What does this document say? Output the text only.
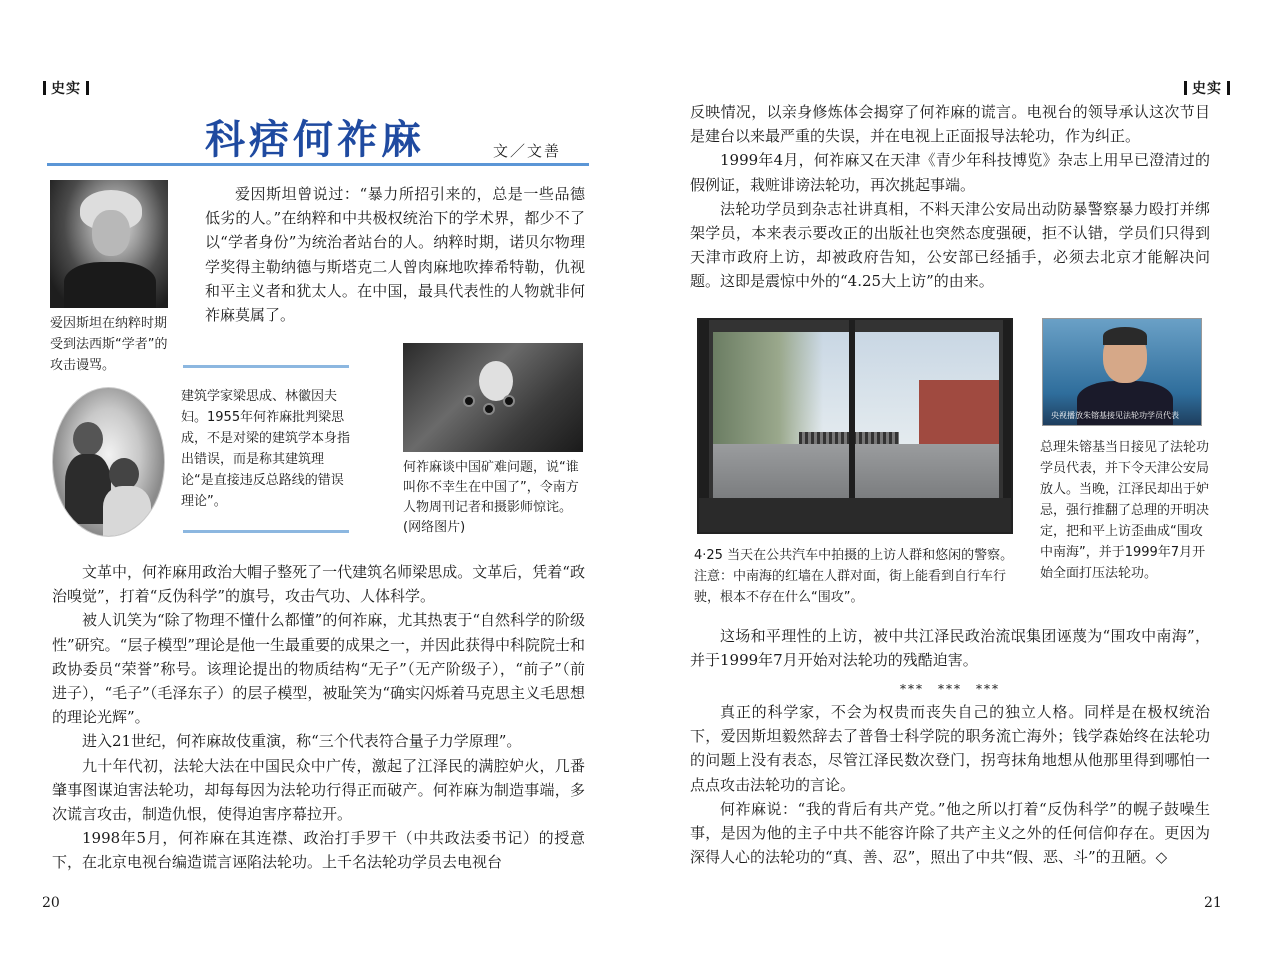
史实
科痞何祚麻	文／文善
爱因斯坦在纳粹时期受到法西斯“学者”的攻击谩骂。

爱因斯坦曾说过：“暴力所招引来的，总是一些品德低劣的人。”在纳粹和中共极权统治下的学术界，都少不了以“学者身份”为统治者站台的人。纳粹时期，诺贝尔物理学奖得主勒纳德与斯塔克二人曾肉麻地吹捧希特勒，仇视和平主义者和犹太人。在中国，最具代表性的人物就非何祚麻莫属了。

建筑学家梁思成、林徽因夫妇。1955年何祚麻批判梁思成，不是对梁的建筑学本身指出错误，而是称其建筑理论“是直接违反总路线的错误理论”。
何祚麻谈中国矿难问题，说“谁叫你不幸生在中国了”，令南方人物周刊记者和摄影师惊诧。(网络图片)

文革中，何祚麻用政治大帽子整死了一代建筑名师梁思成。文革后，凭着“政治嗅觉”，打着“反伪科学”的旗号，攻击气功、人体科学。

被人讥笑为“除了物理不懂什么都懂”的何祚麻，尤其热衷于“自然科学的阶级性”研究。“层子模型”理论是他一生最重要的成果之一，并因此获得中科院院士和政协委员“荣誉”称号。该理论提出的物质结构“无子”（无产阶级子），“前子”（前进子），“毛子”（毛泽东子）的层子模型，被耻笑为“确实闪烁着马克思主义毛思想的理论光辉”。

进入21世纪，何祚麻故伎重演，称“三个代表符合量子力学原理”。

九十年代初，法轮大法在中国民众中广传，激起了江泽民的满腔妒火，几番肇事图谋迫害法轮功，却每每因为法轮功行得正而破产。何祚麻为制造事端，多次谎言攻击，制造仇恨，使得迫害序幕拉开。

1998年5月，何祚麻在其连襟、政治打手罗干（中共政法委书记）的授意下，在北京电视台编造谎言诬陷法轮功。上千名法轮功学员去电视台

20
史实

反映情况，以亲身修炼体会揭穿了何祚麻的谎言。电视台的领导承认这次节目是建台以来最严重的失误，并在电视上正面报导法轮功，作为纠正。

1999年4月，何祚麻又在天津《青少年科技博览》杂志上用早已澄清过的假例证，栽赃诽谤法轮功，再次挑起事端。

法轮功学员到杂志社讲真相，不料天津公安局出动防暴警察暴力殴打并绑架学员，本来表示要改正的出版社也突然态度强硬，拒不认错，学员们只得到天津市政府上访，却被政府告知，公安部已经插手，必须去北京才能解决问题。这即是震惊中外的“4.25大上访”的由来。

4·25 当天在公共汽车中拍摄的上访人群和悠闲的警察。注意：中南海的红墙在人群对面，街上能看到自行车行驶，根本不存在什么“围攻”。
央视播放朱镕基接见法轮功学员代表
总理朱镕基当日接见了法轮功学员代表，并下令天津公安局放人。当晚，江泽民却出于妒忌，强行推翻了总理的开明决定，把和平上访歪曲成“围攻中南海”，并于1999年7月开始全面打压法轮功。

这场和平理性的上访，被中共江泽民政治流氓集团诬蔑为“围攻中南海”，并于1999年7月开始对法轮功的残酷迫害。

***　***　***

真正的科学家，不会为权贵而丧失自己的独立人格。同样是在极权统治下，爱因斯坦毅然辞去了普鲁士科学院的职务流亡海外；钱学森始终在法轮功的问题上没有表态，尽管江泽民数次登门，拐弯抹角地想从他那里得到哪怕一点点攻击法轮功的言论。

何祚麻说：“我的背后有共产党。”他之所以打着“反伪科学”的幌子鼓噪生事，是因为他的主子中共不能容许除了共产主义之外的任何信仰存在。更因为深得人心的法轮功的“真、善、忍”，照出了中共“假、恶、斗”的丑陋。◇

21
